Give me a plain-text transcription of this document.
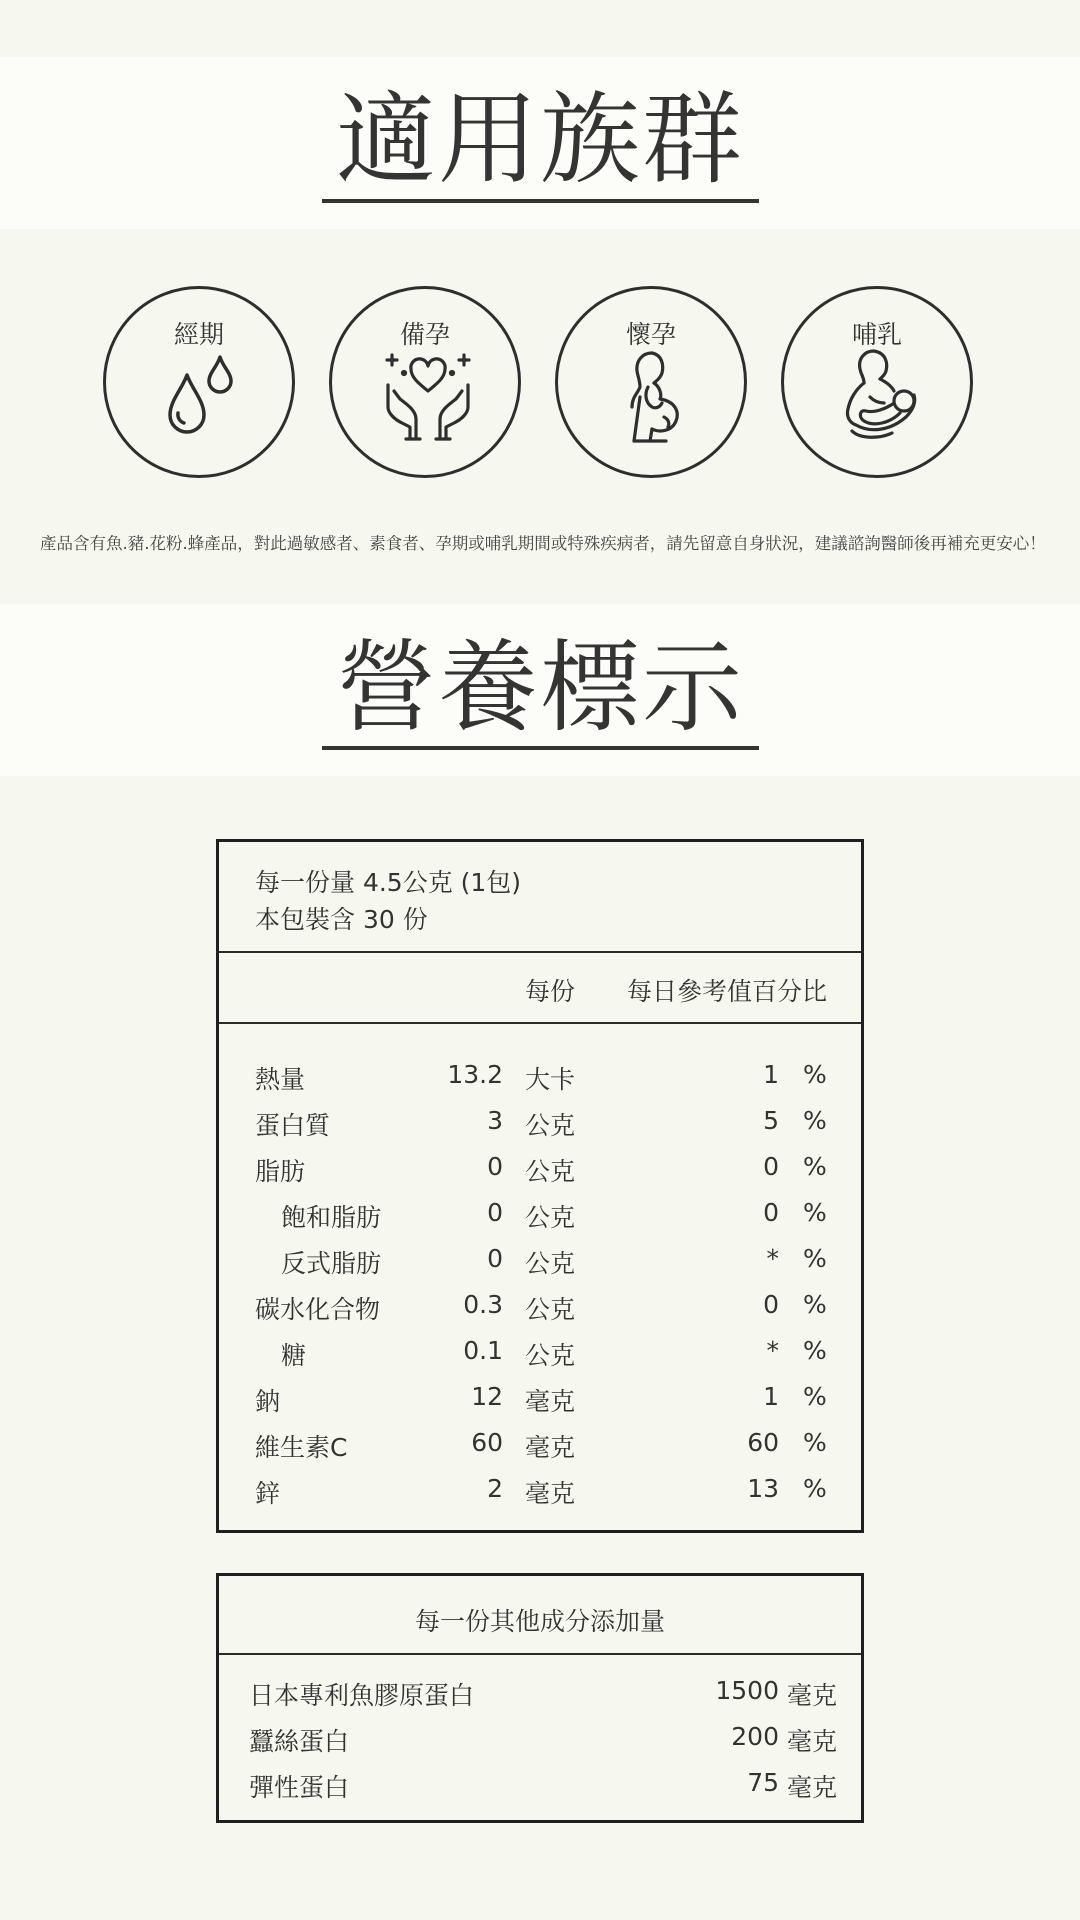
適用族群
經期	備孕	懷孕	哺乳
產品含有魚.豬.花粉.蜂產品，對此過敏感者、素食者、孕期或哺乳期間或特殊疾病者，請先留意自身狀況，建議諮詢醫師後再補充更安心！
營養標示
每一份量 4.5公克 (1包)
本包裝含 30 份
每份 每日參考值百分比
熱量	13.2 大卡	1 %
蛋白質	3 公克	5 %
脂肪	0 公克	0 %
飽和脂肪	0 公克	0 %
反式脂肪	0 公克	* %
碳水化合物	0.3 公克	0 %
糖	0.1 公克	* %
鈉	12 毫克	1 %
維生素C	60 毫克	60 %
鋅	2 毫克	13 %
每一份其他成分添加量
日本專利魚膠原蛋白	1500 毫克
蠶絲蛋白	200 毫克
彈性蛋白	75 毫克
